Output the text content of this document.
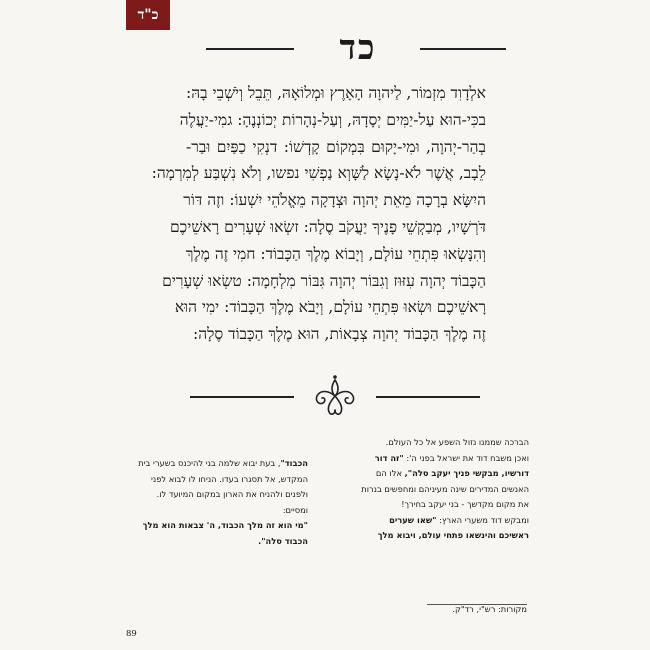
כ"ד
כד
אלְדָוִד מִזְמוֹר, לַיהוָה הָאָרֶץ וּמְלוֹאָהּ, תֵּבֵל וְיֹשְׁבֵי בָהּ:
בכִּי-הוּא עַל-יַמִּים יְסָדָהּ, וְעַל-נְהָרוֹת יְכוֹנְנֶהָ: גמִי-יַעֲלֶה
בְהַר-יְהוָה, וּמִי-יָקוּם בִּמְקוֹם קָדְשׁוֹ: דנְקִי כַפַּיִם וּבַר-
לֵבָב, אֲשֶׁר לֹא-נָשָׂא לַשָּׁוְא נַפְשִׁי נפשו, וְלֹא נִשְׁבַּע לְמִרְמָה:
היִשָּׂא בְרָכָה מֵאֵת יְהוָה וּצְדָקָה מֵאֱלֹהֵי יִשְׁעוֹ: וזֶה דּוֹר
דֹּרְשָׁיו, מְבַקְשֵׁי פָנֶיךָ יַעֲקֹב סֶלָה: זשְׂאוּ שְׁעָרִים רָאשֵׁיכֶם
וְהִנָּשְׂאוּ פִּתְחֵי עוֹלָם, וְיָבוֹא מֶלֶךְ הַכָּבוֹד: חמִי זֶה מֶלֶךְ
הַכָּבוֹד יְהוָה עִזּוּז וְגִבּוֹר יְהוָה גִּבּוֹר מִלְחָמָה: טשְׂאוּ שְׁעָרִים
רָאשֵׁיכֶם וּשְׂאוּ פִּתְחֵי עוֹלָם, וְיָבֹא מֶלֶךְ הַכָּבוֹד: ימִי הוּא
זֶה מֶלֶךְ הַכָּבוֹד יְהוָה צְבָאוֹת, הוּא מֶלֶךְ הַכָּבוֹד סֶלָה:

הברכה שממנו נזול השפע אל כל העולם.

ואכן משבח דוד את ישראל בפני ה': "זה דור דורשיו, מבקשי פניך יעקב סלה", אלו הם האנשים המדירים שינה מעיניהם ומחפשים בנרות את מקום מקדשך - בני יעקב בחירך!

ומבקש דוד משערי הארץ: "שאו שערים ראשיכם והינשאו פתחי עולם, ויבוא מלך

הכבוד", בעת יבוא שלמה בני להיכנס בשערי בית המקדש, אל תסגרו בעדו. הניחו לו לבוא לפני ולפנים ולהניח את הארון במקום המיועד לו.

ומסיים:

"מי הוא זה מלך הכבוד, ה' צבאות הוא מלך הכבוד סלה".

מקורות: רש"י, רד"ק.
89
